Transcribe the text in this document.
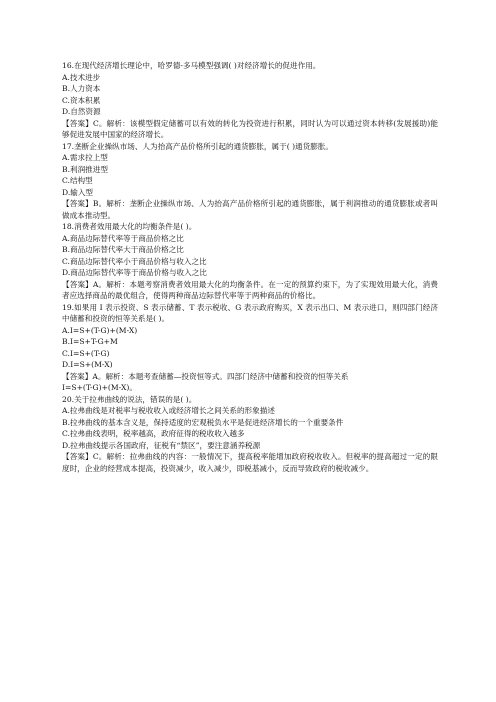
16.在现代经济增长理论中，哈罗德-多马模型强调( )对经济增长的促进作用。
A.技术进步
B.人力资本
C.资本积累
D.自然资源
【答案】C。解析：该模型假定储蓄可以有效的转化为投资进行积累，同时认为可以通过资本转移(发展援助)能够促进发展中国家的经济增长。
17.垄断企业操纵市场、人为抬高产品价格所引起的通货膨胀，属于( )通货膨胀。
A.需求拉上型
B.利润推进型
C.结构型
D.输入型
【答案】B。解析：垄断企业操纵市场、人为抬高产品价格所引起的通货膨胀，属于利润推动的通货膨胀或者叫做成本推动型。
18.消费者效用最大化的均衡条件是( )。
A.商品边际替代率等于商品价格之比
B.商品边际替代率大于商品价格之比
C.商品边际替代率小于商品价格与收入之比
D.商品边际替代率等于商品价格与收入之比
【答案】A。解析：本题考察消费者效用最大化的均衡条件。在一定的预算约束下，为了实现效用最大化，消费者应选择商品的最优组合，使得两种商品边际替代率等于两种商品的价格比。
19.如果用 I 表示投资、S 表示储蓄、T 表示税收、G 表示政府购买，X 表示出口、M 表示进口，则四部门经济中储蓄和投资的恒等关系是( )。
A.I=S+(T-G)+(M-X)
B.I=S+T-G+M
C.I=S+(T-G)
D.I=S+(M-X)
【答案】A。解析：本题考查储蓄—投资恒等式。四部门经济中储蓄和投资的恒等关系
I=S+(T-G)+(M-X)。
20.关于拉弗曲线的说法，错误的是( )。
A.拉弗曲线是对税率与税收收入或经济增长之间关系的形象描述
B.拉弗曲线的基本含义是，保持适度的宏观税负水平是促进经济增长的一个重要条件
C.拉弗曲线表明，税率越高，政府征得的税收收入越多
D.拉弗曲线提示各国政府，征税有“禁区”，要注意涵养税源
【答案】C。解析：拉弗曲线的内容：一般情况下，提高税率能增加政府税收收入。但税率的提高超过一定的限度时，企业的经营成本提高，投资减少，收入减少，即税基减小，反而导致政府的税收减少。
